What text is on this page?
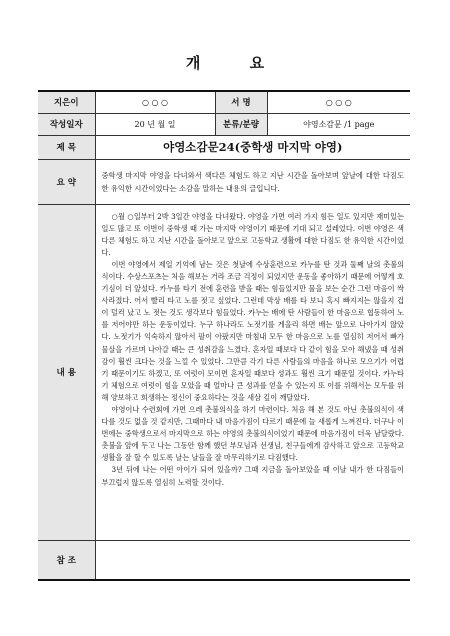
개 요
지은이	○ ○ ○	서 명	○ ○ ○
작성일자	20 년 월 일	분류/분량	야영소감문 /1 page
제 목	야영소감문24(중학생 마지막 야영)		
요 약	중학생 마지막 야영을 다녀와서 색다른 체험도 하고 지난 시간을 돌아보며 앞날에 대한 다짐도 한 유익한 시간이었다는 소감을 말하는 내용의 글입니다.		
내 용	○월 ○일부터 2박 3일간 야영을 다녀왔다. 야영을 가면 여러 가지 힘든 일도 있지만 재미있는 일도 많고 또 이번이 중학생 때 가는 마지막 야영이기 때문에 기대 되고 설레었다. 이번 야영은 색다른 체험도 하고 지난 시간을 돌아보고 앞으로 고등학교 생활에 대한 다짐도 한 유익한 시간이었다.

이번 야영에서 제일 기억에 남는 것은 첫날에 수상훈련으로 카누를 탄 것과 둘째 날의 촛불의식이다. 수상스포츠는 처음 해보는 거라 조금 걱정이 되었지만 운동을 좋아하기 때문에 어떻게 호기심이 더 앞섰다. 카누를 타기 전에 훈련을 받을 때는 힘들었지만 물을 보는 순간 그런 마음이 싹 사라졌다. 어서 빨리 타고 노를 젓고 싶었다. 그런데 막상 배를 타 보니 혹시 빠지지는 않을지 겁이 덜컥 났고 노 젓는 것도 생각보다 힘들었다. 카누는 배에 탄 사람들이 한 마음으로 협동하여 노를 저어야만 하는 운동이었다. 누구 하나라도 노젓기를 게을리 하면 배는 앞으로 나아가지 않았다. 노젓기가 익숙하지 않아서 팔이 아팠지만 마침내 모두 한 마음으로 노를 열심히 저어서 빠가 물살을 가르며 나아갈 때는 큰 성취감을 느꼈다. 혼자일 때보다 다 같이 힘을 모아 해냈을 때 성취감이 훨씬 크다는 것을 느낄 수 있었다. 그만큼 각기 다른 사람들의 마음을 하나로 모으기가 어렵기 때문이기도 하겠고, 또 여럿이 모이면 혼자일 때보다 성과도 훨씬 크기 때문일 것이다. 카누타기 체험으로 여럿이 힘을 모았을 때 얼마나 큰 성과를 얻을 수 있는지 또 이를 위해서는 모두를 위해 양보하고 희생하는 정신이 중요하다는 것을 새삼 깊이 깨달았다.

야영이나 수련회에 가면 으레 촛불의식을 하기 마련이다. 처음 해 본 것도 아닌 촛불의식이 색다를 것도 없을 것 같지만, 그때마다 내 마음가짐이 다르기 때문에 늘 새롭게 느껴진다. 더구나 이번에는 중학생으로서 마지막으로 하는 야영의 촛불의식이었기 때문에 마음가짐이 더욱 남달랐다. 촛불을 앞에 두고 나는 그동안 함께 했던 부모님과 선생님, 친구들에게 감사하고 앞으로 고등학교 생활을 잘 할 수 있도록 날는 날들을 잘 마무리하기로 다짐했다.

3년 뒤에 나는 어떤 아이가 되어 있을까? 그때 지금을 돌아보았을 때 이날 내가 한 다짐들이 부끄럽지 않도록 열심히 노력할 것이다.		

참 조			
